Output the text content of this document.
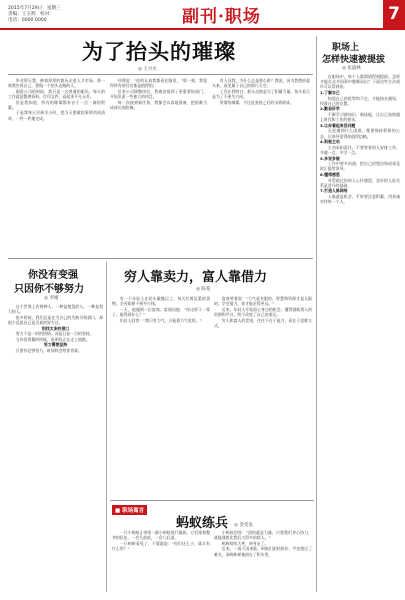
2015年7月29日　星期三
责编：王玉辉　校对：
电话：0000 0000	副刊·职场	7
为了抬头的璀璨
◎ 王兴水

毕业那天我，捧着厚厚的简历走进人才市场，那一刻我告诉自己，要做一个抬头走路的人。

刚进公司的时候，我只是一名普通的职员，每天的工作就是整理资料、打印文件，看起来平凡无奇。

但是我知道，所有的璀璨都来自于一点一滴的积累。

于是我每天早到半小时，把当天要做的事情列成清单，一件一件地完成。

经理说：“你的认真我都看在眼里。”那一刻，我觉得所有的付出都是值得的。

后来公司调整岗位，我被安排到了更重要的部门，开始负责一些独立的项目。

每一次接到新任务，我都会认真地准备，把困难当成成长的阶梯。

有人问我，为什么总是那么拼？我说，因为我想抬起头来，看见属于自己的那片天空。

工作让我明白，低头走路是为了积蓄力量，抬头看天是为了不迷失方向。

所谓的璀璨，不过是坚持之后的水到渠成。

职场上
怎样快速被提拔
◎ 张盛林

在职场中，每个人都渴望得到提拔。怎样才能在众多同事中脱颖而出？下面这些方法或许可以帮到你。

1.了解自己

知道自己的优势和不足，才能扬长避短，找准自己的位置。

2.勤奋好学

不断学习新知识、新技能，让自己始终跟上时代和工作的要求。

3.让你看起来没问题

无论遇到什么困难，都要保持积极的心态，让领导觉得你值得信赖。

4.积极主动

主动承担责任，不要等着别人安排工作，多做一点，多学一点。

5.多说多做

工作中要多沟通，把自己的想法和成果及时汇报给领导。

6.懂得感恩

对帮助过你的人心怀感恩，良好的人际关系是晋升的基础。

7.打造人脉网络

人脉就是机会，平时要注意积累，用真诚对待每一个人。

你没有变强
只因你不够努力
◎ 李刚

这个世界上有两种人，一种是抱怨的人，一种是努力的人。

很多时候，我们总是在为自己的失败寻找借口，却很少反思自己是否真的努力过。

别找太多的借口

努力不是一时的热情，而是日复一日的坚持。

当你觉得累的时候，说明你正在走上坡路。

努力需要坚持

只要你足够努力，时间终会给你答案。

穷人靠卖力，富人靠借力
◎ 陈希

有一个年轻人在码头做搬运工，每天扛着沉重的货物，辛苦却挣不到多少钱。

一天，他遇到一位富商，富商问他：“你这样干一辈子，能得到什么？”

年轻人回答：“我只有力气，只能靠力气吃饭。”

富商笑着说：“力气是有限的，智慧和资源才是无限的。学会借力，你才能走得更远。”

后来，年轻人开始留心身边的机会，懂得借助别人的资源和平台，终于改变了自己的命运。

穷人和富人的差别，往往不在于能力，而在于思维方式。

■ 职场寓言
蚂蚁练兵 ◎ 金雯发

一只小蚂蚁正带领一群小蚂蚁进行操练，它们排着整齐的队伍，一会儿前进，一会儿后退。

一只蚂蚱看见了，不屑地说：“你们这么小，练兵有什么用？”

小蚂蚁回答：“团结就是力量，只要我们齐心协力，就能战胜比我们大得多的敌人。”

蚂蚱哈哈大笑，转身走了。

后来，一场大雨来临，蚂蚁们团结协作，平安渡过了难关，而蚂蚱却被困在了积水里。
